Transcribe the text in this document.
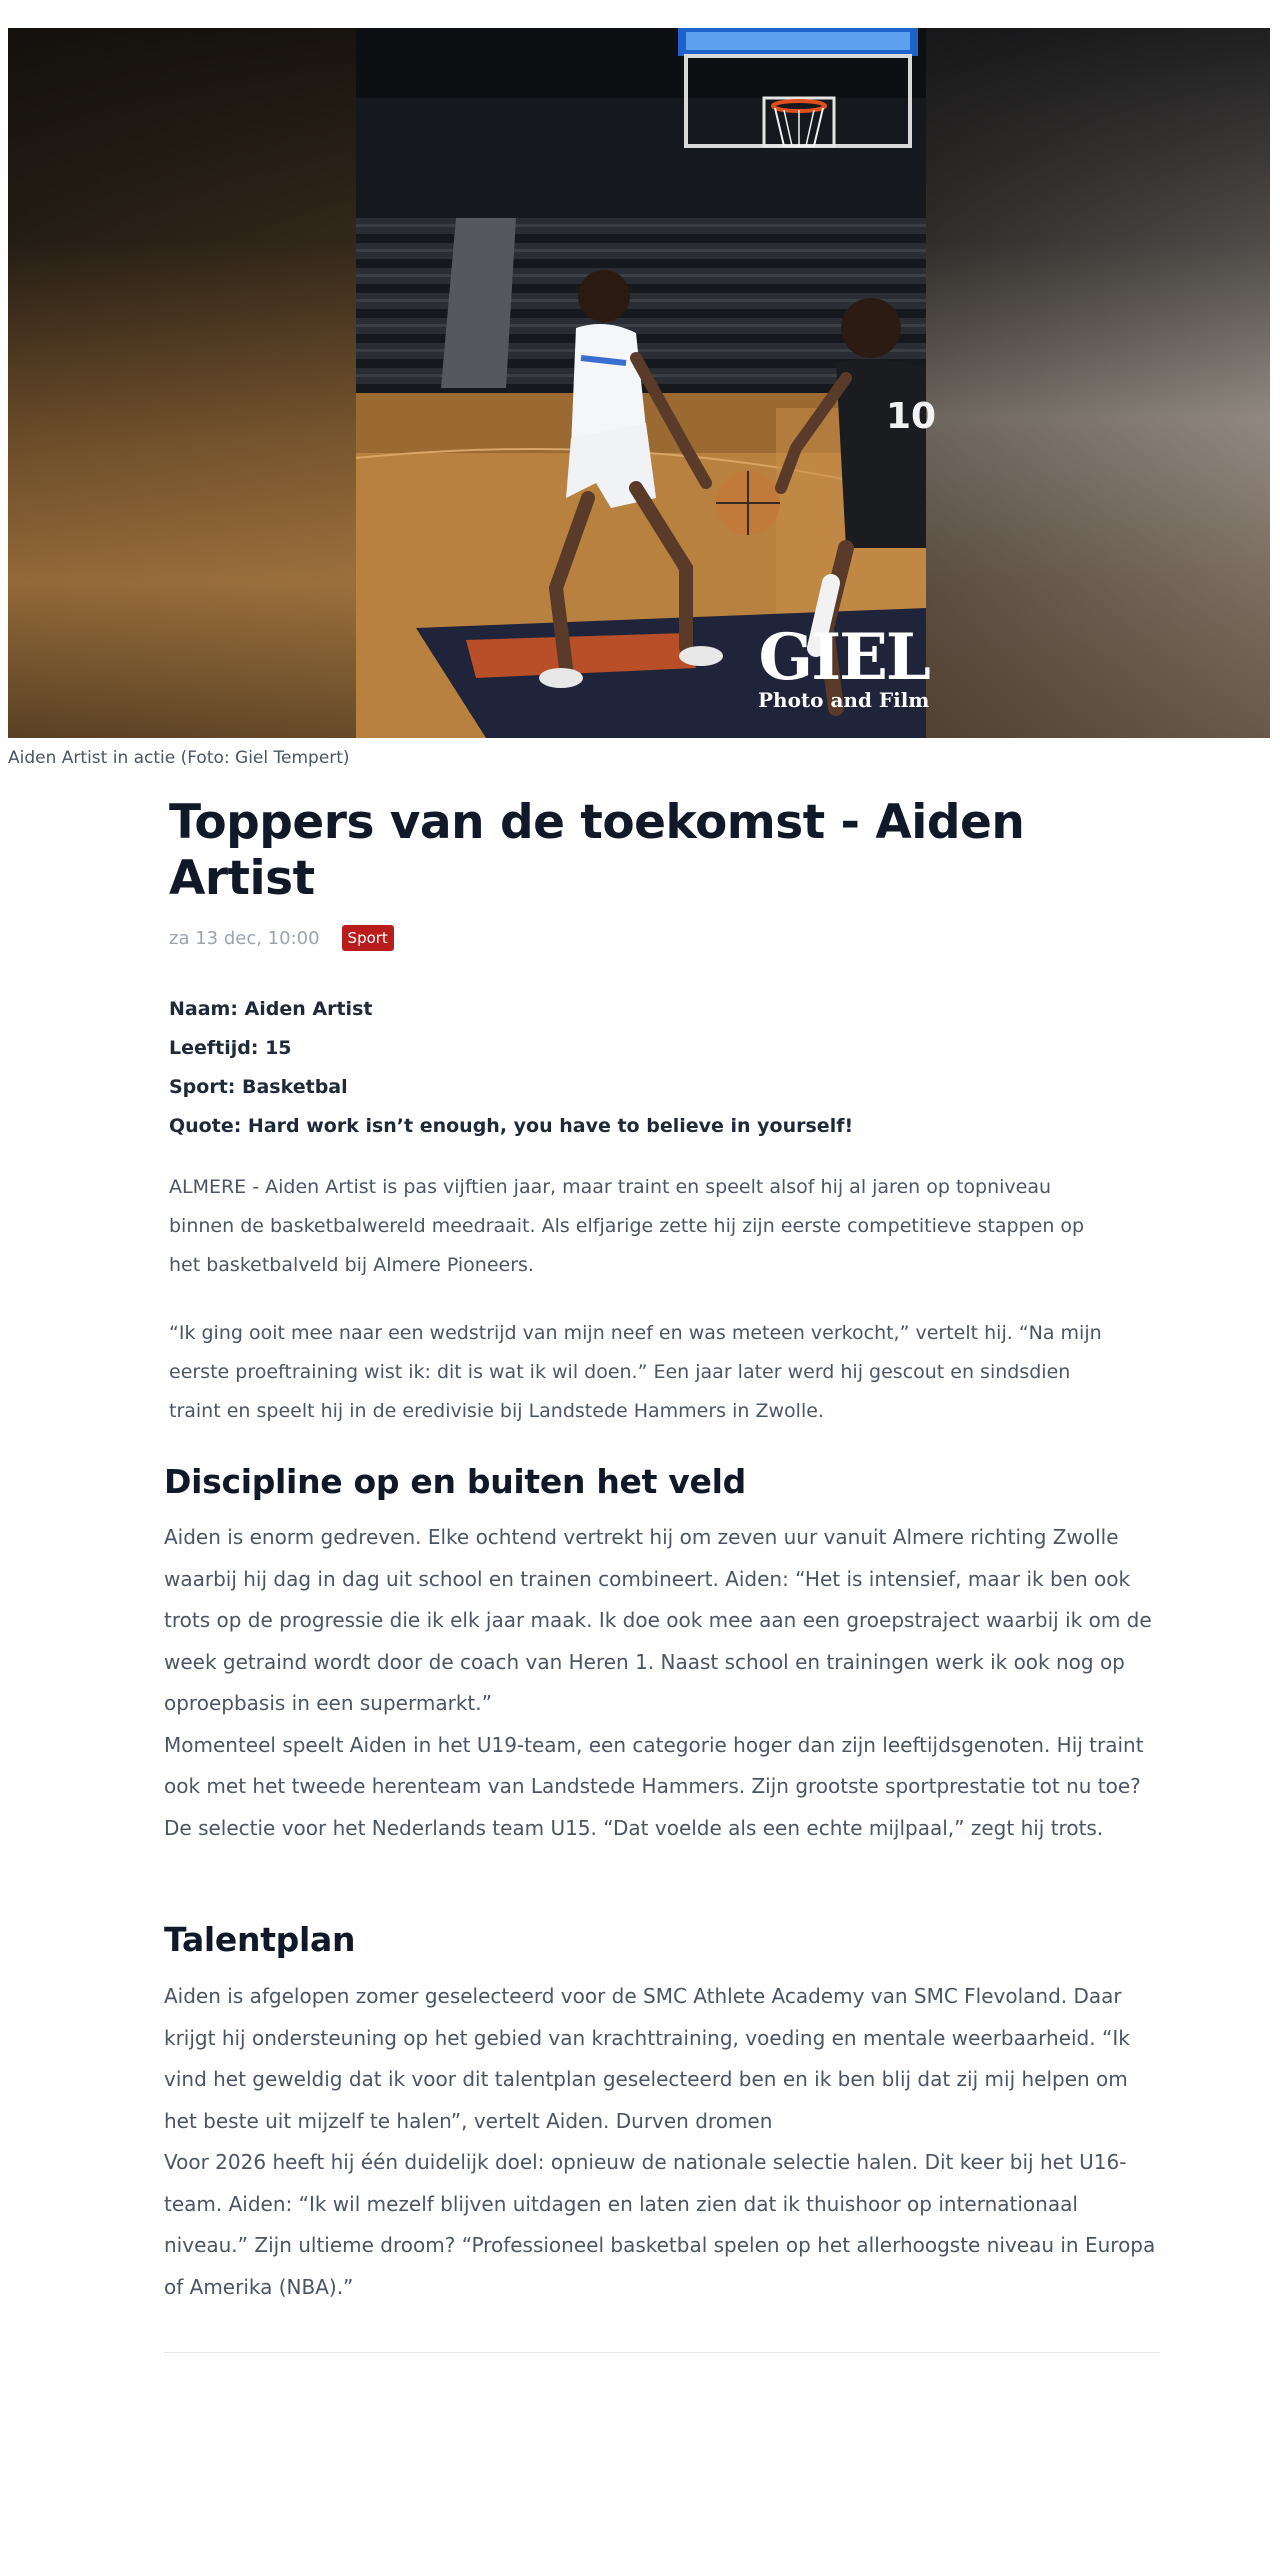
10
GIEL
Photo and Film
Aiden Artist in actie (Foto: Giel Tempert)
Toppers van de toekomst - Aiden Artist
za 13 dec, 10:00	Sport
Naam: Aiden Artist
Leeftijd: 15
Sport: Basketbal
Quote: Hard work isn’t enough, you have to believe in yourself!

ALMERE - Aiden Artist is pas vijftien jaar, maar traint en speelt alsof hij al jaren op topniveau binnen de basketbalwereld meedraait. Als elfjarige zette hij zijn eerste competitieve stappen op het basketbalveld bij Almere Pioneers.

“Ik ging ooit mee naar een wedstrijd van mijn neef en was meteen verkocht,” vertelt hij. “Na mijn eerste proeftraining wist ik: dit is wat ik wil doen.” Een jaar later werd hij gescout en sindsdien traint en speelt hij in de eredivisie bij Landstede Hammers in Zwolle.

Discipline op en buiten het veld
Aiden is enorm gedreven. Elke ochtend vertrekt hij om zeven uur vanuit Almere richting Zwolle waarbij hij dag in dag uit school en trainen combineert. Aiden: “Het is intensief, maar ik ben ook trots op de progressie die ik elk jaar maak. Ik doe ook mee aan een groepstraject waarbij ik om de week getraind wordt door de coach van Heren 1. Naast school en trainingen werk ik ook nog op oproepbasis in een supermarkt.”
Momenteel speelt Aiden in het U19-team, een categorie hoger dan zijn leeftijdsgenoten. Hij traint ook met het tweede herenteam van Landstede Hammers. Zijn grootste sportprestatie tot nu toe? De selectie voor het Nederlands team U15. “Dat voelde als een echte mijlpaal,” zegt hij trots.
Talentplan
Aiden is afgelopen zomer geselecteerd voor de SMC Athlete Academy van SMC Flevoland. Daar krijgt hij ondersteuning op het gebied van krachttraining, voeding en mentale weerbaarheid. “Ik vind het geweldig dat ik voor dit talentplan geselecteerd ben en ik ben blij dat zij mij helpen om het beste uit mijzelf te halen”, vertelt Aiden. Durven dromen
Voor 2026 heeft hij één duidelijk doel: opnieuw de nationale selectie halen. Dit keer bij het U16-team. Aiden: “Ik wil mezelf blijven uitdagen en laten zien dat ik thuishoor op internationaal niveau.” Zijn ultieme droom? “Professioneel basketbal spelen op het allerhoogste niveau in Europa of Amerika (NBA).”
